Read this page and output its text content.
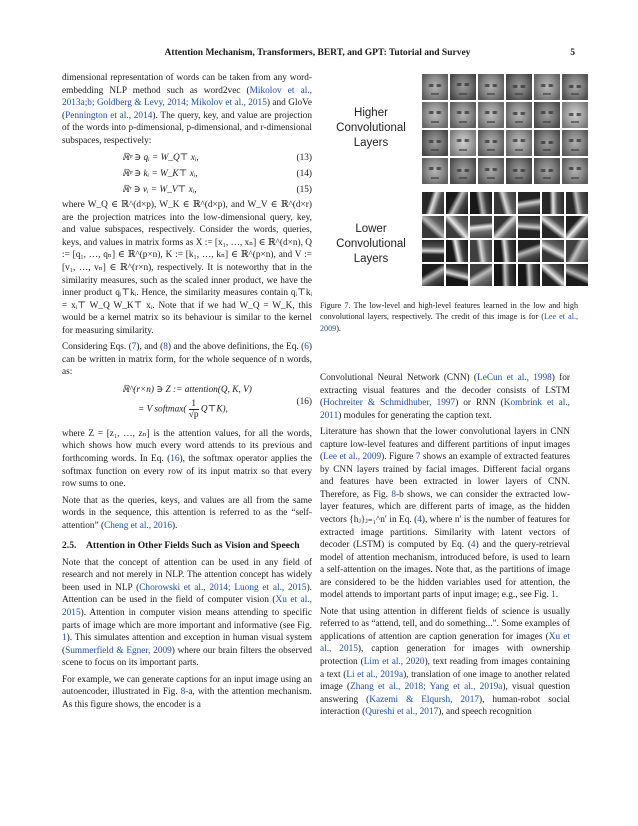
Attention Mechanism, Transformers, BERT, and GPT: Tutorial and Survey	5

dimensional representation of words can be taken from any word-embedding NLP method such as word2vec (Mikolov et al., 2013a;b; Goldberg & Levy, 2014; Mikolov et al., 2015) and GloVe (Pennington et al., 2014). The query, key, and value are projection of the words into p-dimensional, p-dimensional, and r-dimensional subspaces, respectively:

ℝᵖ ∋ qᵢ = W_Q⊤ xᵢ,	(13)
ℝᵖ ∋ kᵢ = W_K⊤ xᵢ,	(14)
ℝʳ ∋ vᵢ = W_V⊤ xᵢ,	(15)

where W_Q ∈ ℝ^(d×p), W_K ∈ ℝ^(d×p), and W_V ∈ ℝ^(d×r) are the projection matrices into the low-dimensional query, key, and value subspaces, respectively. Consider the words, queries, keys, and values in matrix forms as X := [x₁, …, xₙ] ∈ ℝ^(d×n), Q := [q₁, …, qₙ] ∈ ℝ^(p×n), K := [k₁, …, kₙ] ∈ ℝ^(p×n), and V := [v₁, …, vₙ] ∈ ℝ^(r×n), respectively. It is noteworthy that in the similarity measures, such as the scaled inner product, we have the inner product qᵢ⊤kᵢ. Hence, the similarity measures contain qᵢ⊤kᵢ = xᵢ⊤ W_Q W_K⊤ xᵢ. Note that if we had W_Q = W_K, this would be a kernel matrix so its behaviour is similar to the kernel for measuring similarity.

Considering Eqs. (7), and (8) and the above definitions, the Eq. (6) can be written in matrix form, for the whole sequence of n words, as:

ℝ^(r×n) ∋ Z := attention(Q, K, V)
= V softmax( $\frac{1}{√p}$ Q⊤K),
(16)

where Z = [z₁, …, zₙ] is the attention values, for all the words, which shows how much every word attends to its previous and forthcoming words. In Eq. (16), the softmax operator applies the softmax function on every row of its input matrix so that every row sums to one.

Note that as the queries, keys, and values are all from the same words in the sequence, this attention is referred to as the “self-attention” (Cheng et al., 2016).

2.5.	Attention in Other Fields Such as Vision and Speech

Note that the concept of attention can be used in any field of research and not merely in NLP. The attention concept has widely been used in NLP (Chorowski et al., 2014; Luong et al., 2015). Attention can be used in the field of computer vision (Xu et al., 2015). Attention in computer vision means attending to specific parts of image which are more important and informative (see Fig. 1). This simulates attention and exception in human visual system (Summerfield & Egner, 2009) where our brain filters the observed scene to focus on its important parts.

For example, we can generate captions for an input image using an autoencoder, illustrated in Fig. 8-a, with the attention mechanism. As this figure shows, the encoder is a

Higher Convolutional Layers
Lower Convolutional Layers
Figure 7. The low-level and high-level features learned in the low and high convolutional layers, respectively. The credit of this image is for (Lee et al., 2009).

Convolutional Neural Network (CNN) (LeCun et al., 1998) for extracting visual features and the decoder consists of LSTM (Hochreiter & Schmidhuber, 1997) or RNN (Kombrink et al., 2011) modules for generating the caption text.

Literature has shown that the lower convolutional layers in CNN capture low-level features and different partitions of input images (Lee et al., 2009). Figure 7 shows an example of extracted features by CNN layers trained by facial images. Different facial organs and features have been extracted in lower layers of CNN. Therefore, as Fig. 8-b shows, we can consider the extracted low-layer features, which are different parts of image, as the hidden vectors {hⱼ}ⱼ₌₁^n′ in Eq. (4), where n′ is the number of features for extracted image partitions. Similarity with latent vectors of decoder (LSTM) is computed by Eq. (4) and the query-retrieval model of attention mechanism, introduced before, is used to learn a self-attention on the images. Note that, as the partitions of image are considered to be the hidden variables used for attention, the model attends to important parts of input image; e.g., see Fig. 1.

Note that using attention in different fields of science is usually referred to as “attend, tell, and do something...”. Some examples of applications of attention are caption generation for images (Xu et al., 2015), caption generation for images with ownership protection (Lim et al., 2020), text reading from images containing a text (Li et al., 2019a), translation of one image to another related image (Zhang et al., 2018; Yang et al., 2019a), visual question answering (Kazemi & Elqursh, 2017), human-robot social interaction (Qureshi et al., 2017), and speech recognition
